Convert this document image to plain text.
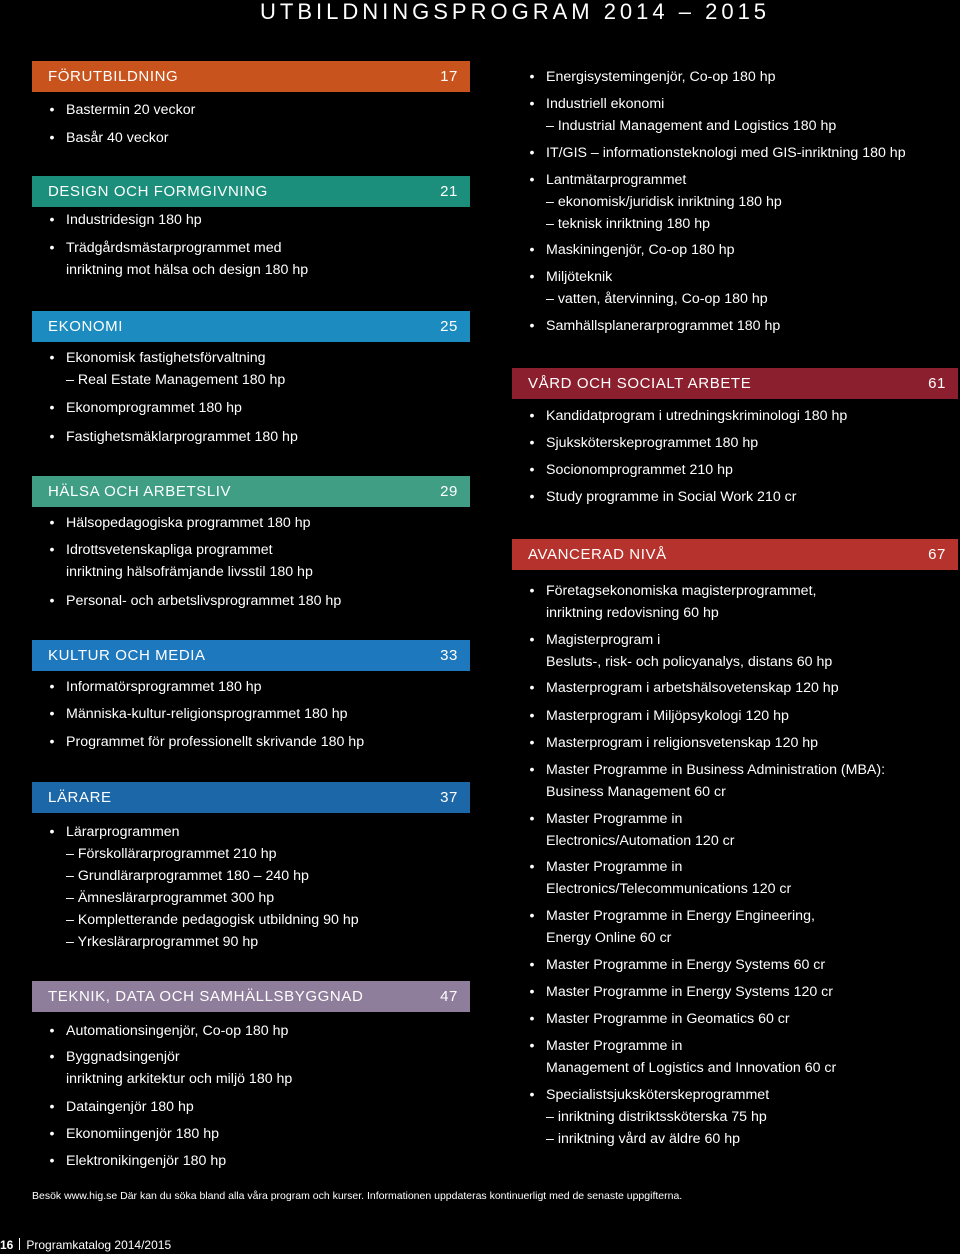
UTBILDNINGSPROGRAM 2014 – 2015
FÖRUTBILDNING	17
• Bastermin 20 veckor
• Basår 40 veckor
DESIGN OCH FORMGIVNING	21
• Industridesign 180 hp
• Trädgårdsmästarprogrammet med
inriktning mot hälsa och design 180 hp
EKONOMI	25
• Ekonomisk fastighetsförvaltning
– Real Estate Management 180 hp
• Ekonomprogrammet 180 hp
• Fastighetsmäklarprogrammet 180 hp
HÄLSA OCH ARBETSLIV	29
• Hälsopedagogiska programmet 180 hp
• Idrottsvetenskapliga programmet
inriktning hälsofrämjande livsstil 180 hp
• Personal- och arbetslivsprogrammet 180 hp
KULTUR OCH MEDIA	33
• Informatörsprogrammet 180 hp
• Människa-kultur-religionsprogrammet 180 hp
• Programmet för professionellt skrivande 180 hp
LÄRARE	37
• Lärarprogrammen
– Förskollärarprogrammet 210 hp
– Grundlärarprogrammet 180 – 240 hp
– Ämneslärarprogrammet 300 hp
– Kompletterande pedagogisk utbildning 90 hp
– Yrkeslärarprogrammet 90 hp
TEKNIK, DATA OCH SAMHÄLLSBYGGNAD	47
• Automationsingenjör, Co-op 180 hp
• Byggnadsingenjör
inriktning arkitektur och miljö 180 hp
• Dataingenjör 180 hp
• Ekonomiingenjör 180 hp
• Elektronikingenjör 180 hp
• Energisystemingenjör, Co-op 180 hp
• Industriell ekonomi
– Industrial Management and Logistics 180 hp
• IT/GIS – informationsteknologi med GIS-inriktning 180 hp
• Lantmätarprogrammet
– ekonomisk/juridisk inriktning 180 hp
– teknisk inriktning 180 hp
• Maskiningenjör, Co-op 180 hp
• Miljöteknik
– vatten, återvinning, Co-op 180 hp
• Samhällsplanerarprogrammet 180 hp
VÅRD OCH SOCIALT ARBETE	61
• Kandidatprogram i utredningskriminologi 180 hp
• Sjuksköterskeprogrammet 180 hp
• Socionomprogrammet 210 hp
• Study programme in Social Work 210 cr
AVANCERAD NIVÅ	67
• Företagsekonomiska magisterprogrammet,
inriktning redovisning 60 hp
• Magisterprogram i
Besluts-, risk- och policyanalys, distans 60 hp
• Masterprogram i arbetshälsovetenskap 120 hp
• Masterprogram i Miljöpsykologi 120 hp
• Masterprogram i religionsvetenskap 120 hp
• Master Programme in Business Administration (MBA):
Business Management 60 cr
• Master Programme in
Electronics/Automation 120 cr
• Master Programme in
Electronics/Telecommunications 120 cr
• Master Programme in Energy Engineering,
Energy Online 60 cr
• Master Programme in Energy Systems 60 cr
• Master Programme in Energy Systems 120 cr
• Master Programme in Geomatics 60 cr
• Master Programme in
Management of Logistics and Innovation 60 cr
• Specialistsjuksköterskeprogrammet
– inriktning distriktssköterska 75 hp
– inriktning vård av äldre 60 hp
Besök www.hig.se Där kan du söka bland alla våra program och kurser. Informationen uppdateras kontinuerligt med de senaste uppgifterna.
16 Programkatalog 2014/2015
